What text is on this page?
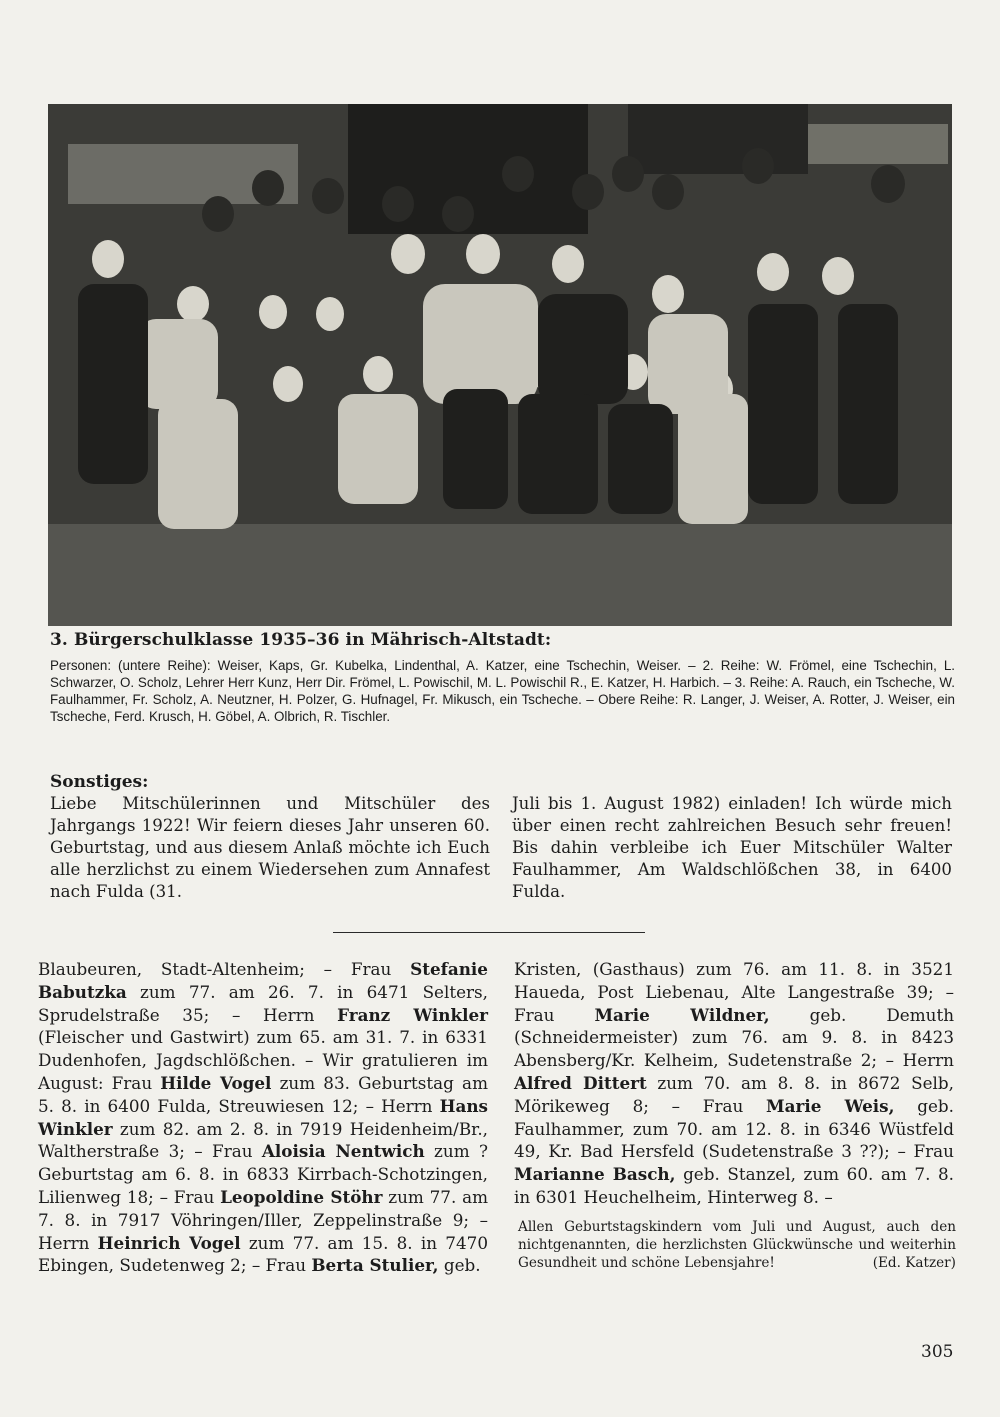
3. Bürgerschulklasse 1935–36 in Mährisch-Altstadt:
Personen: (untere Reihe): Weiser, Kaps, Gr. Kubelka, Lindenthal, A. Katzer, eine Tschechin, Weiser. – 2. Reihe: W. Frömel, eine Tschechin, L. Schwarzer, O. Scholz, Lehrer Herr Kunz, Herr Dir. Frömel, L. Powischil, M. L. Powischil R., E. Katzer, H. Harbich. – 3. Reihe: A. Rauch, ein Tscheche, W. Faulhammer, Fr. Scholz, A. Neutzner, H. Polzer, G. Hufnagel, Fr. Mikusch, ein Tscheche. – Obere Reihe: R. Langer, J. Weiser, A. Rotter, J. Weiser, ein Tscheche, Ferd. Krusch, H. Göbel, A. Olbrich, R. Tischler.
Sonstiges:
Liebe Mitschülerinnen und Mitschüler des Jahrgangs 1922! Wir feiern dieses Jahr unseren 60. Geburtstag, und aus diesem Anlaß möchte ich Euch alle herzlichst zu einem Wiedersehen zum Annafest nach Fulda (31.
Juli bis 1. August 1982) einladen! Ich würde mich über einen recht zahlreichen Besuch sehr freuen! Bis dahin verbleibe ich Euer Mitschüler Walter Faulhammer, Am Waldschlößchen 38, in 6400 Fulda.
Blaubeuren, Stadt-Altenheim; – Frau Stefanie Babutzka zum 77. am 26. 7. in 6471 Selters, Sprudelstraße 35; – Herrn Franz Winkler (Fleischer und Gastwirt) zum 65. am 31. 7. in 6331 Dudenhofen, Jagdschlößchen. – Wir gratulieren im August: Frau Hilde Vogel zum 83. Geburtstag am 5. 8. in 6400 Fulda, Streuwiesen 12; – Herrn Hans Winkler zum 82. am 2. 8. in 7919 Heidenheim/Br., Waltherstraße 3; – Frau Aloisia Nentwich zum ? Geburtstag am 6. 8. in 6833 Kirrbach-Schotzingen, Lilienweg 18; – Frau Leopoldine Stöhr zum 77. am 7. 8. in 7917 Vöhringen/Iller, Zeppelinstraße 9; – Herrn Heinrich Vogel zum 77. am 15. 8. in 7470 Ebingen, Sudetenweg 2; – Frau Berta Stulier, geb.
Kristen, (Gasthaus) zum 76. am 11. 8. in 3521 Haueda, Post Liebenau, Alte Langestraße 39; – Frau Marie Wildner, geb. Demuth (Schneidermeister) zum 76. am 9. 8. in 8423 Abensberg/Kr. Kelheim, Sudetenstraße 2; – Herrn Alfred Dittert zum 70. am 8. 8. in 8672 Selb, Mörikeweg 8; – Frau Marie Weis, geb. Faulhammer, zum 70. am 12. 8. in 6346 Wüstfeld 49, Kr. Bad Hersfeld (Sudetenstraße 3 ??); – Frau Marianne Basch, geb. Stanzel, zum 60. am 7. 8. in 6301 Heuchelheim, Hinterweg 8. –
Allen Geburtstagskindern vom Juli und August, auch den nichtgenannten, die herzlichsten Glückwünsche und weiterhin Gesundheit und schöne Lebensjahre!	(Ed. Katzer)
305
